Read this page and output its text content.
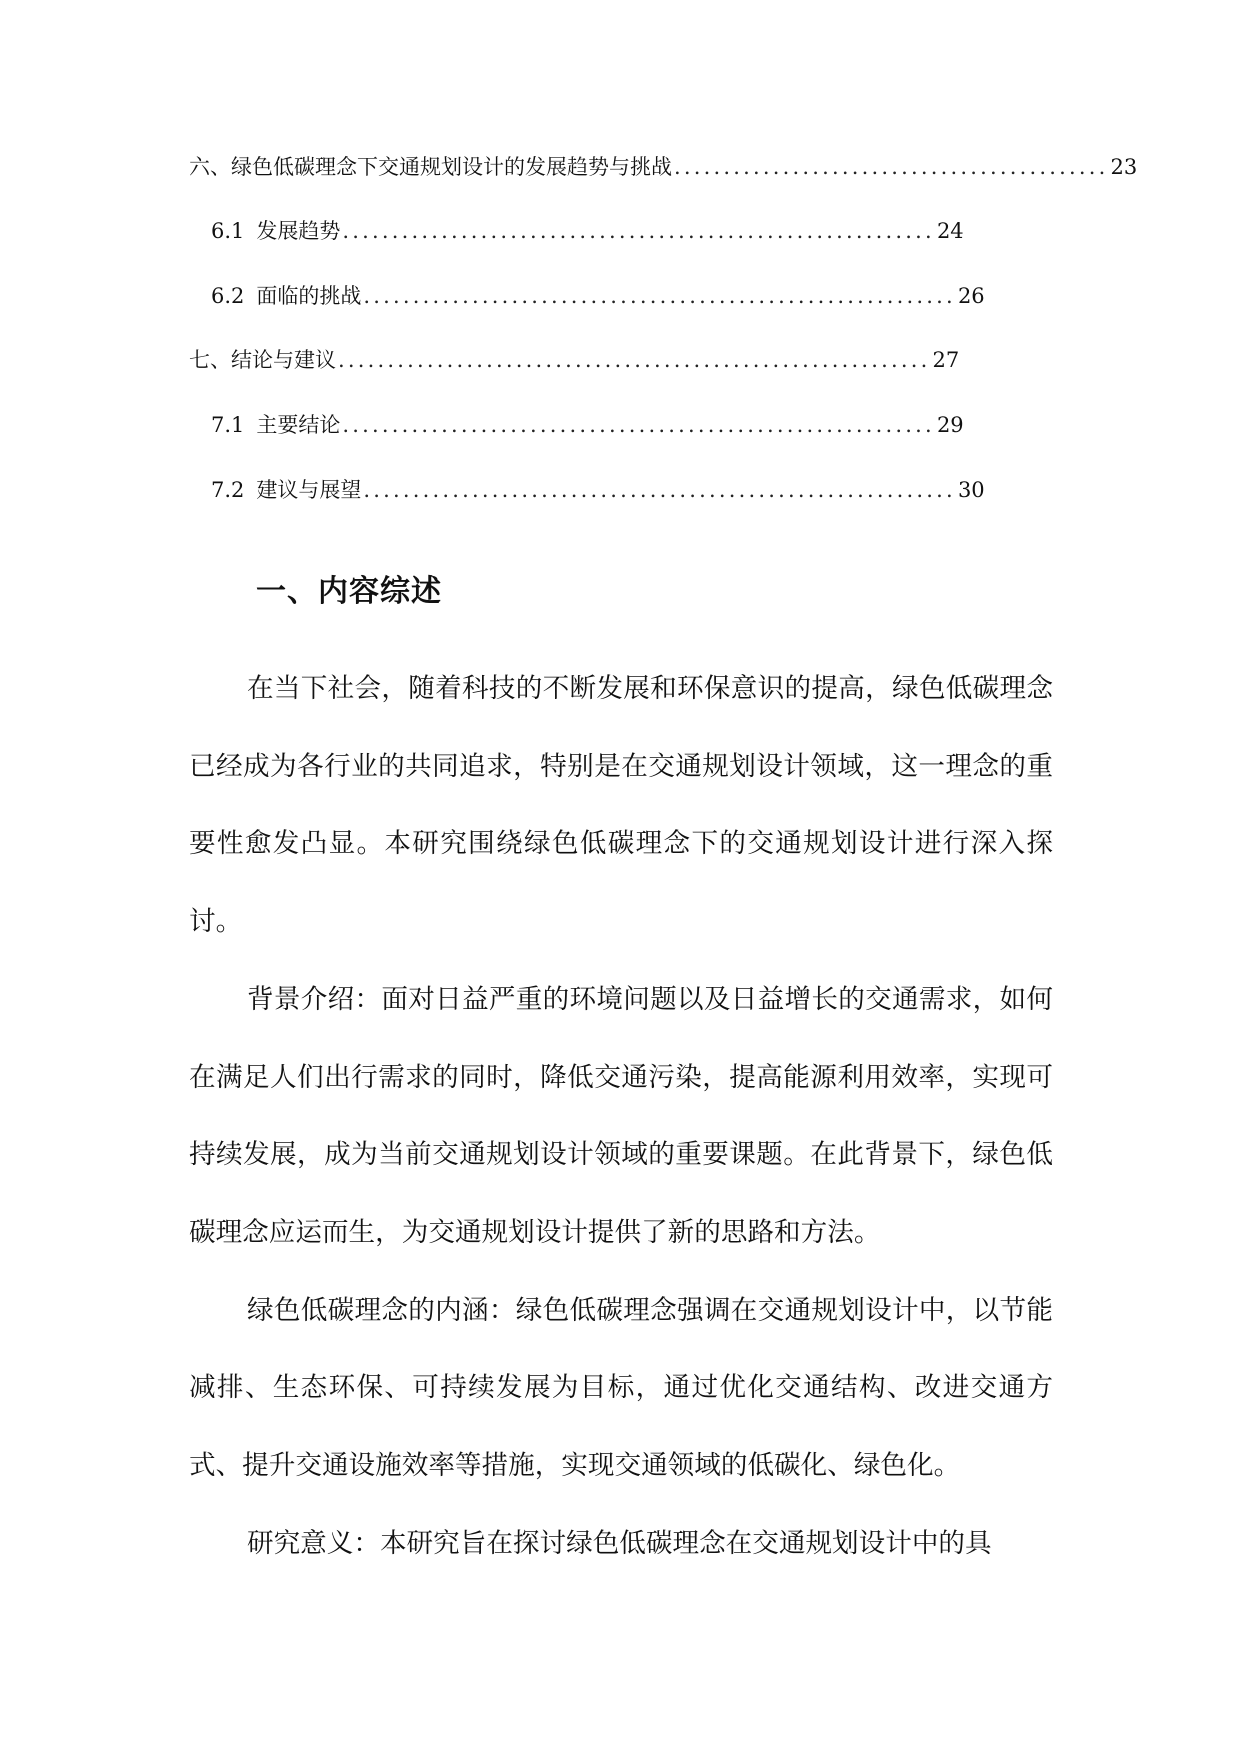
六、绿色低碳理念下交通规划设计的发展趋势与挑战 ............................................ 23
6.1 发展趋势 ............................................................ 24
6.2 面临的挑战 ............................................................ 26
七、结论与建议 ............................................................ 27
7.1 主要结论 ............................................................ 29
7.2 建议与展望 ............................................................ 30
一、内容综述

在当下社会，随着科技的不断发展和环保意识的提高，绿色低碳理念已经成为各行业的共同追求，特别是在交通规划设计领域，这一理念的重要性愈发凸显。本研究围绕绿色低碳理念下的交通规划设计进行深入探讨。

背景介绍：面对日益严重的环境问题以及日益增长的交通需求，如何在满足人们出行需求的同时，降低交通污染，提高能源利用效率，实现可持续发展，成为当前交通规划设计领域的重要课题。在此背景下，绿色低碳理念应运而生，为交通规划设计提供了新的思路和方法。

绿色低碳理念的内涵：绿色低碳理念强调在交通规划设计中，以节能减排、生态环保、可持续发展为目标，通过优化交通结构、改进交通方式、提升交通设施效率等措施，实现交通领域的低碳化、绿色化。

研究意义：本研究旨在探讨绿色低碳理念在交通规划设计中的具
